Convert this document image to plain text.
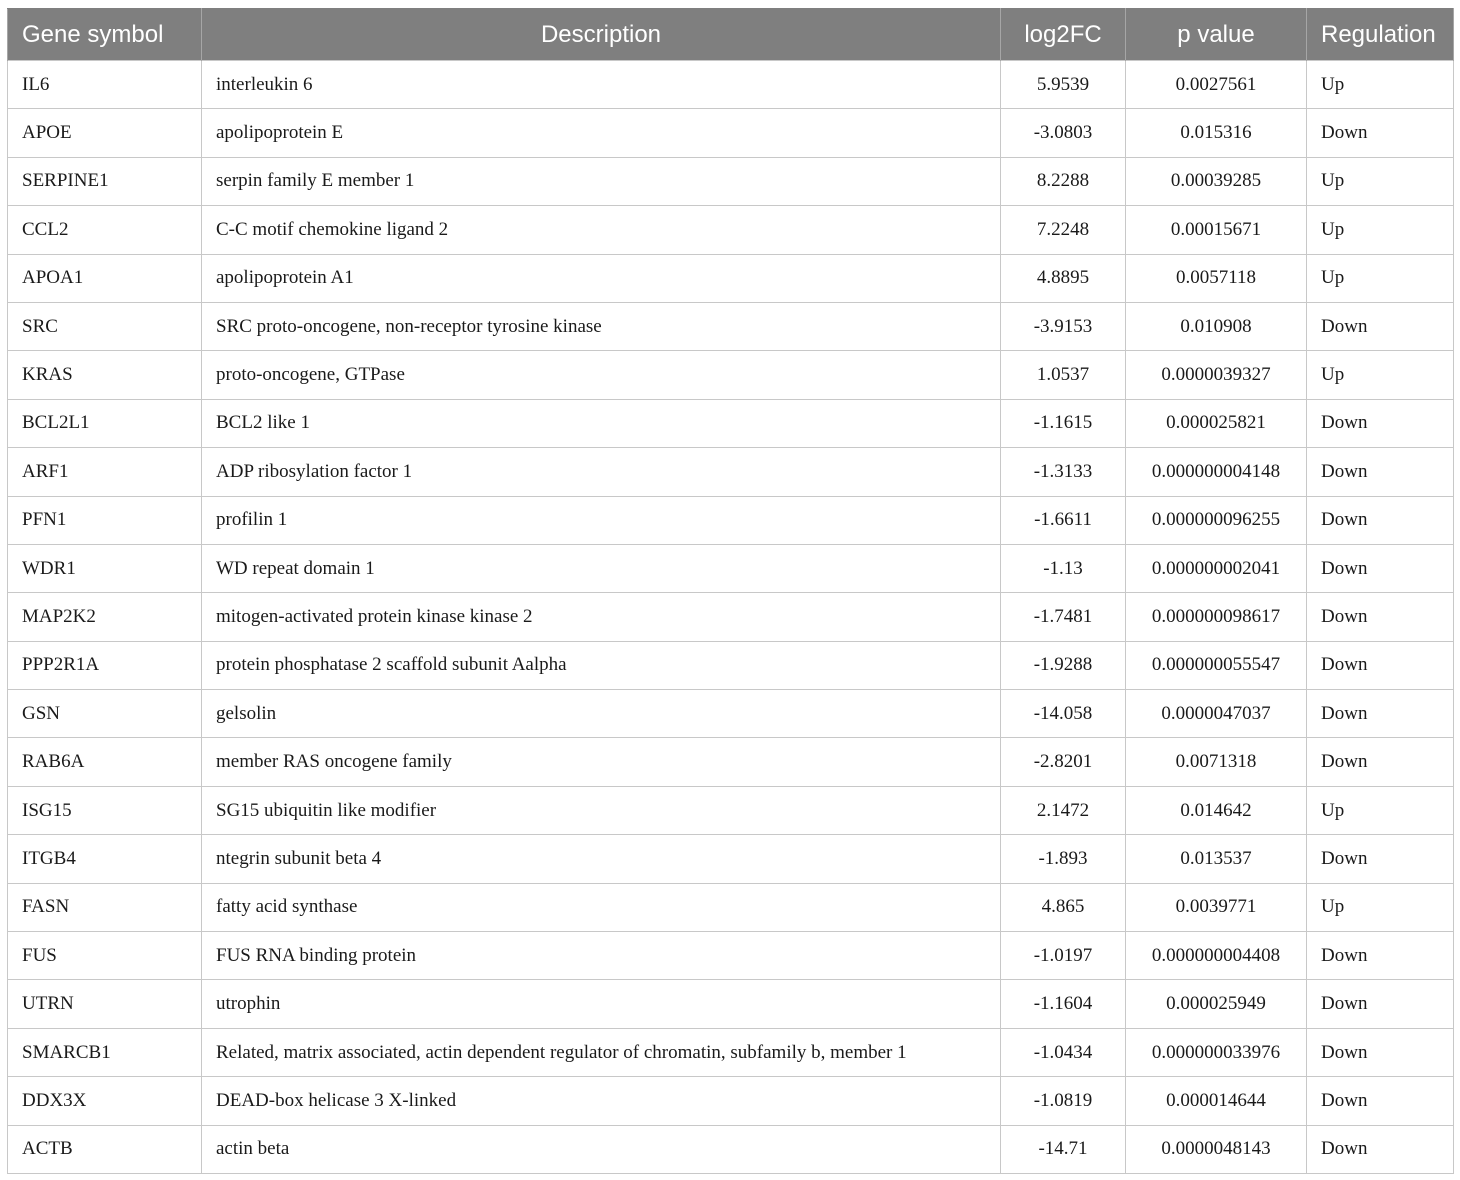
Gene symbol	Description	log2FC	p value	Regulation
IL6	interleukin 6	5.9539	0.0027561	Up
APOE	apolipoprotein E	-3.0803	0.015316	Down
SERPINE1	serpin family E member 1	8.2288	0.00039285	Up
CCL2	C-C motif chemokine ligand 2	7.2248	0.00015671	Up
APOA1	apolipoprotein A1	4.8895	0.0057118	Up
SRC	SRC proto-oncogene, non-receptor tyrosine kinase	-3.9153	0.010908	Down
KRAS	proto-oncogene, GTPase	1.0537	0.0000039327	Up
BCL2L1	BCL2 like 1	-1.1615	0.000025821	Down
ARF1	ADP ribosylation factor 1	-1.3133	0.000000004148	Down
PFN1	profilin 1	-1.6611	0.000000096255	Down
WDR1	WD repeat domain 1	-1.13	0.000000002041	Down
MAP2K2	mitogen-activated protein kinase kinase 2	-1.7481	0.000000098617	Down
PPP2R1A	protein phosphatase 2 scaffold subunit Aalpha	-1.9288	0.000000055547	Down
GSN	gelsolin	-14.058	0.0000047037	Down
RAB6A	member RAS oncogene family	-2.8201	0.0071318	Down
ISG15	SG15 ubiquitin like modifier	2.1472	0.014642	Up
ITGB4	ntegrin subunit beta 4	-1.893	0.013537	Down
FASN	fatty acid synthase	4.865	0.0039771	Up
FUS	FUS RNA binding protein	-1.0197	0.000000004408	Down
UTRN	utrophin	-1.1604	0.000025949	Down
SMARCB1	Related, matrix associated, actin dependent regulator of chromatin, subfamily b, member 1	-1.0434	0.000000033976	Down
DDX3X	DEAD-box helicase 3 X-linked	-1.0819	0.000014644	Down
ACTB	actin beta	-14.71	0.0000048143	Down
